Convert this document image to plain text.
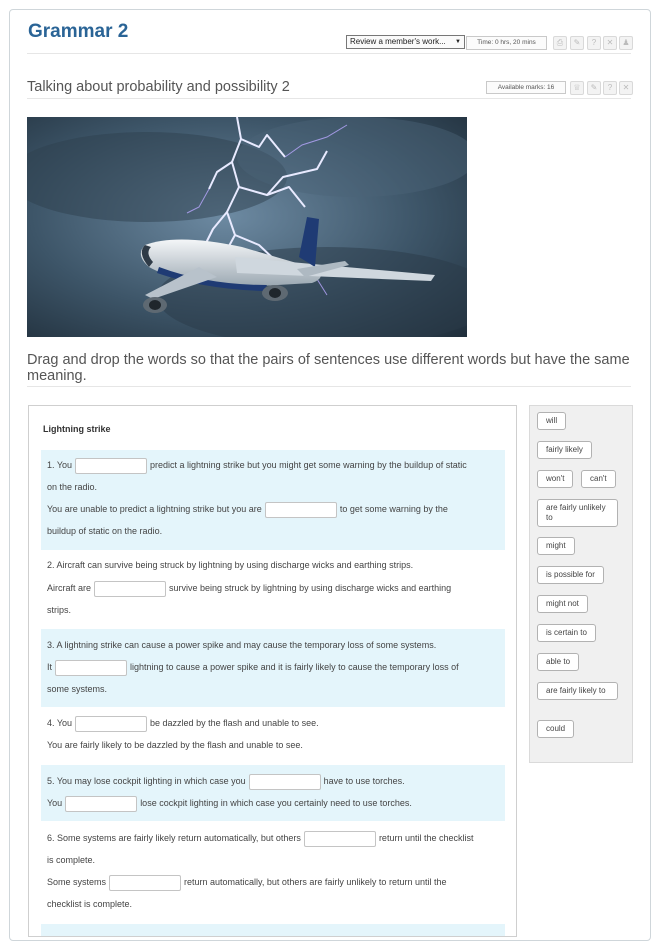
Grammar 2	Review a member's work... ▼	Time: 0 hrs, 20 mins	⎙	✎	?	✕	♟
Talking about probability and possibility 2	Available marks: 16	♕	✎	?	✕
Drag and drop the words so that the pairs of sentences use different words but have the same meaning.
Lightning strike
1. You	predict a lightning strike but you might get some warning by the buildup of static
on the radio.
You are unable to predict a lightning strike but you are	to get some warning by the
buildup of static on the radio.
2. Aircraft can survive being struck by lightning by using discharge wicks and earthing strips.
Aircraft are	survive being struck by lightning by using discharge wicks and earthing
strips.
3. A lightning strike can cause a power spike and may cause the temporary loss of some systems.
It	lightning to cause a power spike and it is fairly likely to cause the temporary loss of
some systems.
4. You	be dazzled by the flash and unable to see.
You are fairly likely to be dazzled by the flash and unable to see.
5. You may lose cockpit lighting in which case you	have to use torches.
You	lose cockpit lighting in which case you certainly need to use torches.
6. Some systems are fairly likely return automatically, but others	return until the checklist
is complete.
Some systems	return automatically, but others are fairly unlikely to return until the
checklist is complete.
will
fairly likely
won't	can't
are fairly unlikely to
might
is possible for
might not
is certain to
able to
are fairly likely to
could
